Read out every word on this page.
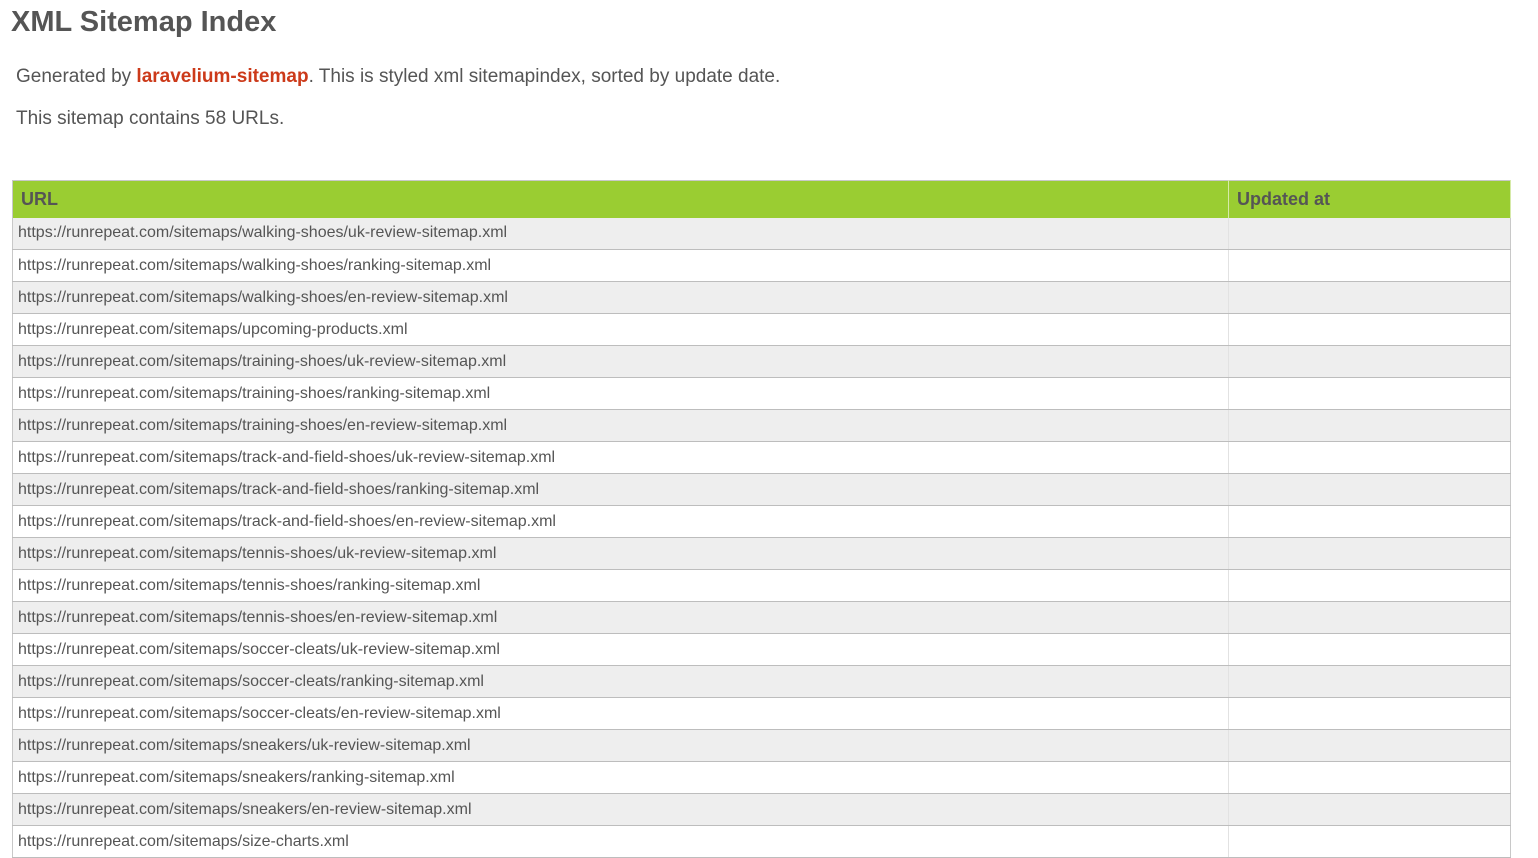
XML Sitemap Index

Generated by laravelium-sitemap. This is styled xml sitemapindex, sorted by update date.

This sitemap contains 58 URLs.

URL	Updated at
https://runrepeat.com/sitemaps/walking-shoes/uk-review-sitemap.xml	
https://runrepeat.com/sitemaps/walking-shoes/ranking-sitemap.xml	
https://runrepeat.com/sitemaps/walking-shoes/en-review-sitemap.xml	
https://runrepeat.com/sitemaps/upcoming-products.xml	
https://runrepeat.com/sitemaps/training-shoes/uk-review-sitemap.xml	
https://runrepeat.com/sitemaps/training-shoes/ranking-sitemap.xml	
https://runrepeat.com/sitemaps/training-shoes/en-review-sitemap.xml	
https://runrepeat.com/sitemaps/track-and-field-shoes/uk-review-sitemap.xml	
https://runrepeat.com/sitemaps/track-and-field-shoes/ranking-sitemap.xml	
https://runrepeat.com/sitemaps/track-and-field-shoes/en-review-sitemap.xml	
https://runrepeat.com/sitemaps/tennis-shoes/uk-review-sitemap.xml	
https://runrepeat.com/sitemaps/tennis-shoes/ranking-sitemap.xml	
https://runrepeat.com/sitemaps/tennis-shoes/en-review-sitemap.xml	
https://runrepeat.com/sitemaps/soccer-cleats/uk-review-sitemap.xml	
https://runrepeat.com/sitemaps/soccer-cleats/ranking-sitemap.xml	
https://runrepeat.com/sitemaps/soccer-cleats/en-review-sitemap.xml	
https://runrepeat.com/sitemaps/sneakers/uk-review-sitemap.xml	
https://runrepeat.com/sitemaps/sneakers/ranking-sitemap.xml	
https://runrepeat.com/sitemaps/sneakers/en-review-sitemap.xml	
https://runrepeat.com/sitemaps/size-charts.xml	
